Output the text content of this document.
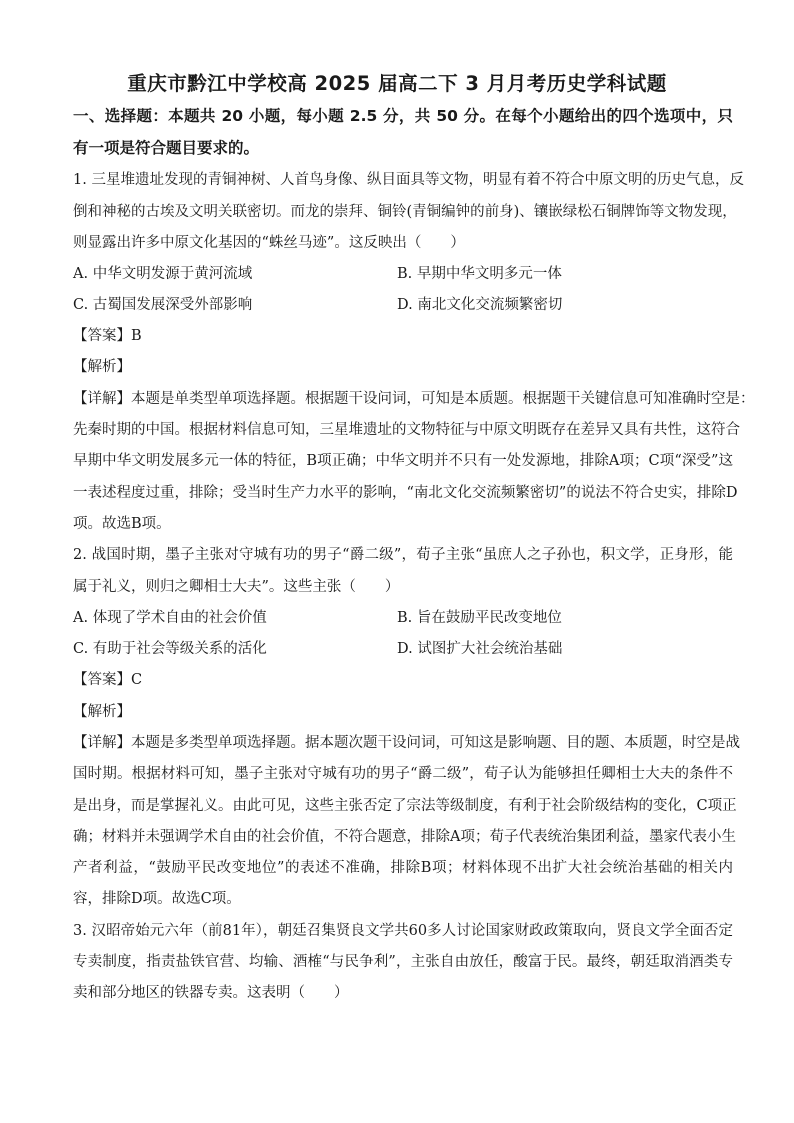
重庆市黔江中学校高 2025 届高二下 3 月月考历史学科试题
一、选择题：本题共 20 小题，每小题 2.5 分，共 50 分。在每个小题给出的四个选项中，只
有一项是符合题目要求的。
1. 三星堆遗址发现的青铜神树、人首鸟身像、纵目面具等文物，明显有着不符合中原文明的历史气息，反
倒和神秘的古埃及文明关联密切。而龙的崇拜、铜铃(青铜编钟的前身)、镶嵌绿松石铜牌饰等文物发现，
则显露出许多中原文化基因的“蛛丝马迹”。这反映出（　　）
A. 中华文明发源于黄河流域	B. 早期中华文明多元一体
C. 古蜀国发展深受外部影响	D. 南北文化交流频繁密切
【答案】B
【解析】
【详解】本题是单类型单项选择题。根据题干设问词，可知是本质题。根据题干关键信息可知准确时空是：
先秦时期的中国。根据材料信息可知，三星堆遗址的文物特征与中原文明既存在差异又具有共性，这符合
早期中华文明发展多元一体的特征，B项正确；中华文明并不只有一处发源地，排除A项；C项“深受”这
一表述程度过重，排除；受当时生产力水平的影响，“南北文化交流频繁密切”的说法不符合史实，排除D
项。故选B项。
2. 战国时期，墨子主张对守城有功的男子“爵二级”，荀子主张“虽庶人之子孙也，积文学，正身形，能
属于礼义，则归之卿相士大夫”。这些主张（　　）
A. 体现了学术自由的社会价值	B. 旨在鼓励平民改变地位
C. 有助于社会等级关系的活化	D. 试图扩大社会统治基础
【答案】C
【解析】
【详解】本题是多类型单项选择题。据本题次题干设问词，可知这是影响题、目的题、本质题，时空是战
国时期。根据材料可知，墨子主张对守城有功的男子“爵二级”，荀子认为能够担任卿相士大夫的条件不
是出身，而是掌握礼义。由此可见，这些主张否定了宗法等级制度，有利于社会阶级结构的变化，C项正
确；材料并未强调学术自由的社会价值，不符合题意，排除A项；荀子代表统治集团利益，墨家代表小生
产者利益，“鼓励平民改变地位”的表述不准确，排除B项；材料体现不出扩大社会统治基础的相关内
容，排除D项。故选C项。
3. 汉昭帝始元六年（前81年），朝廷召集贤良文学共60多人讨论国家财政政策取向，贤良文学全面否定
专卖制度，指责盐铁官营、均输、酒榷“与民争利”，主张自由放任，酸富于民。最终，朝廷取消酒类专
卖和部分地区的铁器专卖。这表明（　　）
